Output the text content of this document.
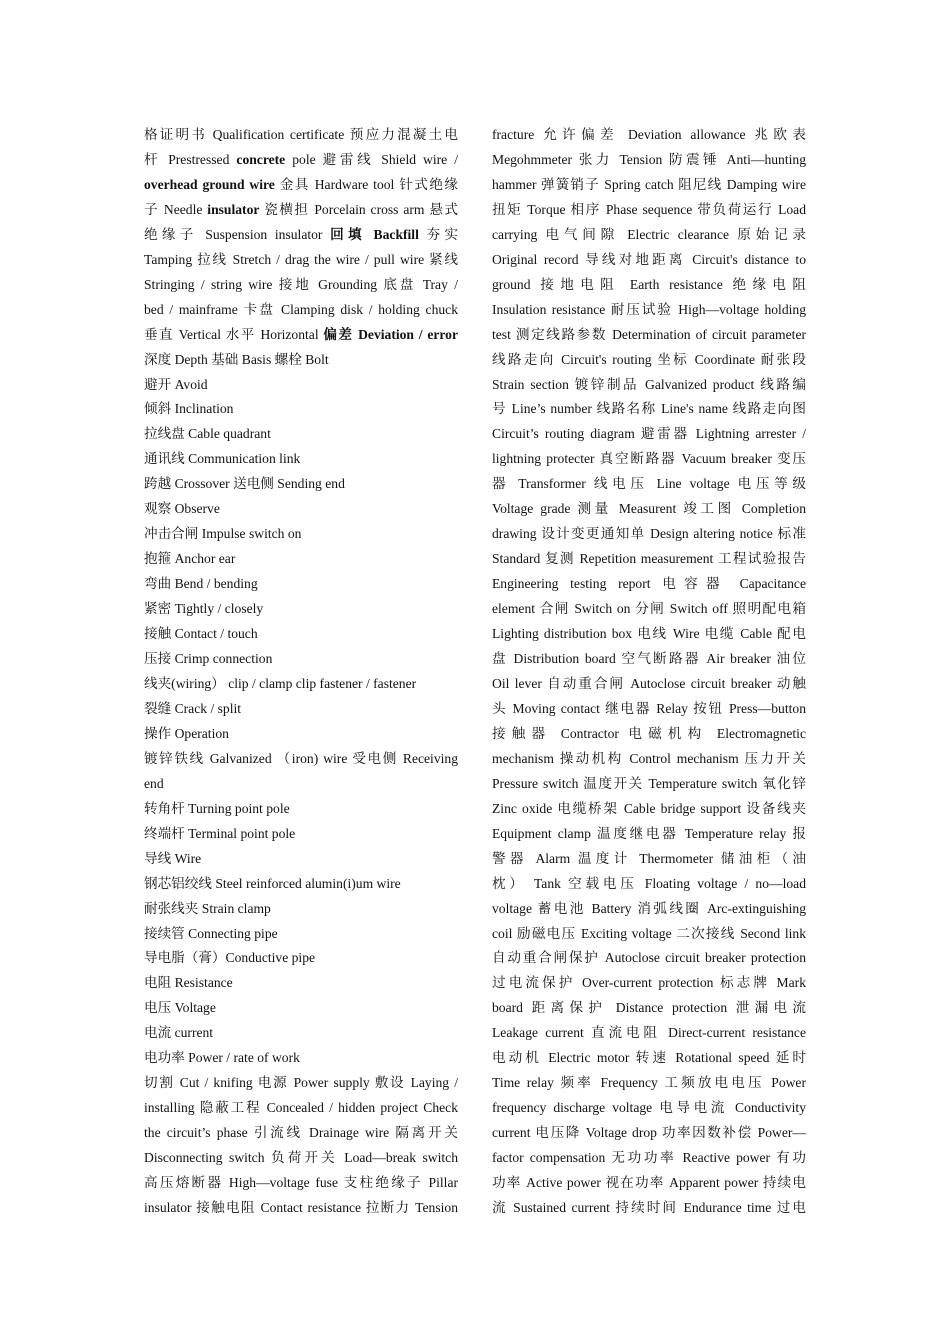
格证明书 Qualification certificate 预应力混凝土电

杆 Prestressed concrete pole 避雷线 Shield wire /

overhead ground wire 金具 Hardware tool 针式绝缘

子 Needle insulator 瓷横担 Porcelain cross arm 悬式

绝缘子 Suspension insulator 回填 Backfill 夯实

Tamping 拉线 Stretch / drag the wire / pull wire 紧线

Stringing / string wire 接地 Grounding 底盘 Tray /

bed / mainframe 卡盘 Clamping disk / holding chuck

垂直 Vertical 水平 Horizontal 偏差 Deviation / error

深度 Depth 基础 Basis 螺栓 Bolt

避开 Avoid

倾斜 Inclination

拉线盘 Cable quadrant

通讯线 Communication link

跨越 Crossover 送电侧 Sending end

观察 Observe

冲击合闸 Impulse switch on

抱箍 Anchor ear

弯曲 Bend / bending

紧密 Tightly / closely

接触 Contact / touch

压接 Crimp connection

线夹(wiring） clip / clamp clip fastener / fastener

裂缝 Crack / split

操作 Operation

镀锌铁线 Galvanized （iron) wire 受电侧 Receiving

end

转角杆 Turning point pole

终端杆 Terminal point pole

导线 Wire

钢芯铝绞线 Steel reinforced alumin(i)um wire

耐张线夹 Strain clamp

接续管 Connecting pipe

导电脂（膏）Conductive pipe

电阻 Resistance

电压 Voltage

电流 current

电功率 Power / rate of work

切割 Cut / knifing 电源 Power supply 敷设 Laying /

installing 隐蔽工程 Concealed / hidden project Check

the circuit’s phase 引流线 Drainage wire 隔离开关

Disconnecting switch 负荷开关 Load—break switch

高压熔断器 High—voltage fuse 支柱绝缘子 Pillar

insulator 接触电阻 Contact resistance 拉断力 Tension

fracture 允许偏差 Deviation allowance 兆欧表

Megohmmeter 张力 Tension 防震锤 Anti—hunting

hammer 弹簧销子 Spring catch 阻尼线 Damping wire

扭矩 Torque 相序 Phase sequence 带负荷运行 Load

carrying 电气间隙 Electric clearance 原始记录

Original record 导线对地距离 Circuit's distance to

ground 接地电阻 Earth resistance 绝缘电阻

Insulation resistance 耐压试验 High—voltage holding

test 测定线路参数 Determination of circuit parameter

线路走向 Circuit's routing 坐标 Coordinate 耐张段

Strain section 镀锌制品 Galvanized product 线路编

号 Line’s number 线路名称 Line's name 线路走向图

Circuit’s routing diagram 避雷器 Lightning arrester /

lightning protecter 真空断路器 Vacuum breaker 变压

器 Transformer 线电压 Line voltage 电压等级

Voltage grade 测量 Measurent 竣工图 Completion

drawing 设计变更通知单 Design altering notice 标准

Standard 复测 Repetition measurement 工程试验报告

Engineering testing report 电容器 Capacitance

element 合闸 Switch on 分闸 Switch off 照明配电箱

Lighting distribution box 电线 Wire 电缆 Cable 配电

盘 Distribution board 空气断路器 Air breaker 油位

Oil lever 自动重合闸 Autoclose circuit breaker 动触

头 Moving contact 继电器 Relay 按钮 Press—button

接触器 Contractor 电磁机构 Electromagnetic

mechanism 操动机构 Control mechanism 压力开关

Pressure switch 温度开关 Temperature switch 氧化锌

Zinc oxide 电缆桥架 Cable bridge support 设备线夹

Equipment clamp 温度继电器 Temperature relay 报

警器 Alarm 温度计 Thermometer 储油柜（油

枕） Tank 空载电压 Floating voltage / no—load

voltage 蓄电池 Battery 消弧线圈 Arc-extinguishing

coil 励磁电压 Exciting voltage 二次接线 Second link

自动重合闸保护 Autoclose circuit breaker protection

过电流保护 Over-current protection 标志牌 Mark

board 距离保护 Distance protection 泄漏电流

Leakage current 直流电阻 Direct-current resistance

电动机 Electric motor 转速 Rotational speed 延时

Time relay 频率 Frequency 工频放电电压 Power

frequency discharge voltage 电导电流 Conductivity

current 电压降 Voltage drop 功率因数补偿 Power—

factor compensation 无功功率 Reactive power 有功

功率 Active power 视在功率 Apparent power 持续电

流 Sustained current 持续时间 Endurance time 过电
